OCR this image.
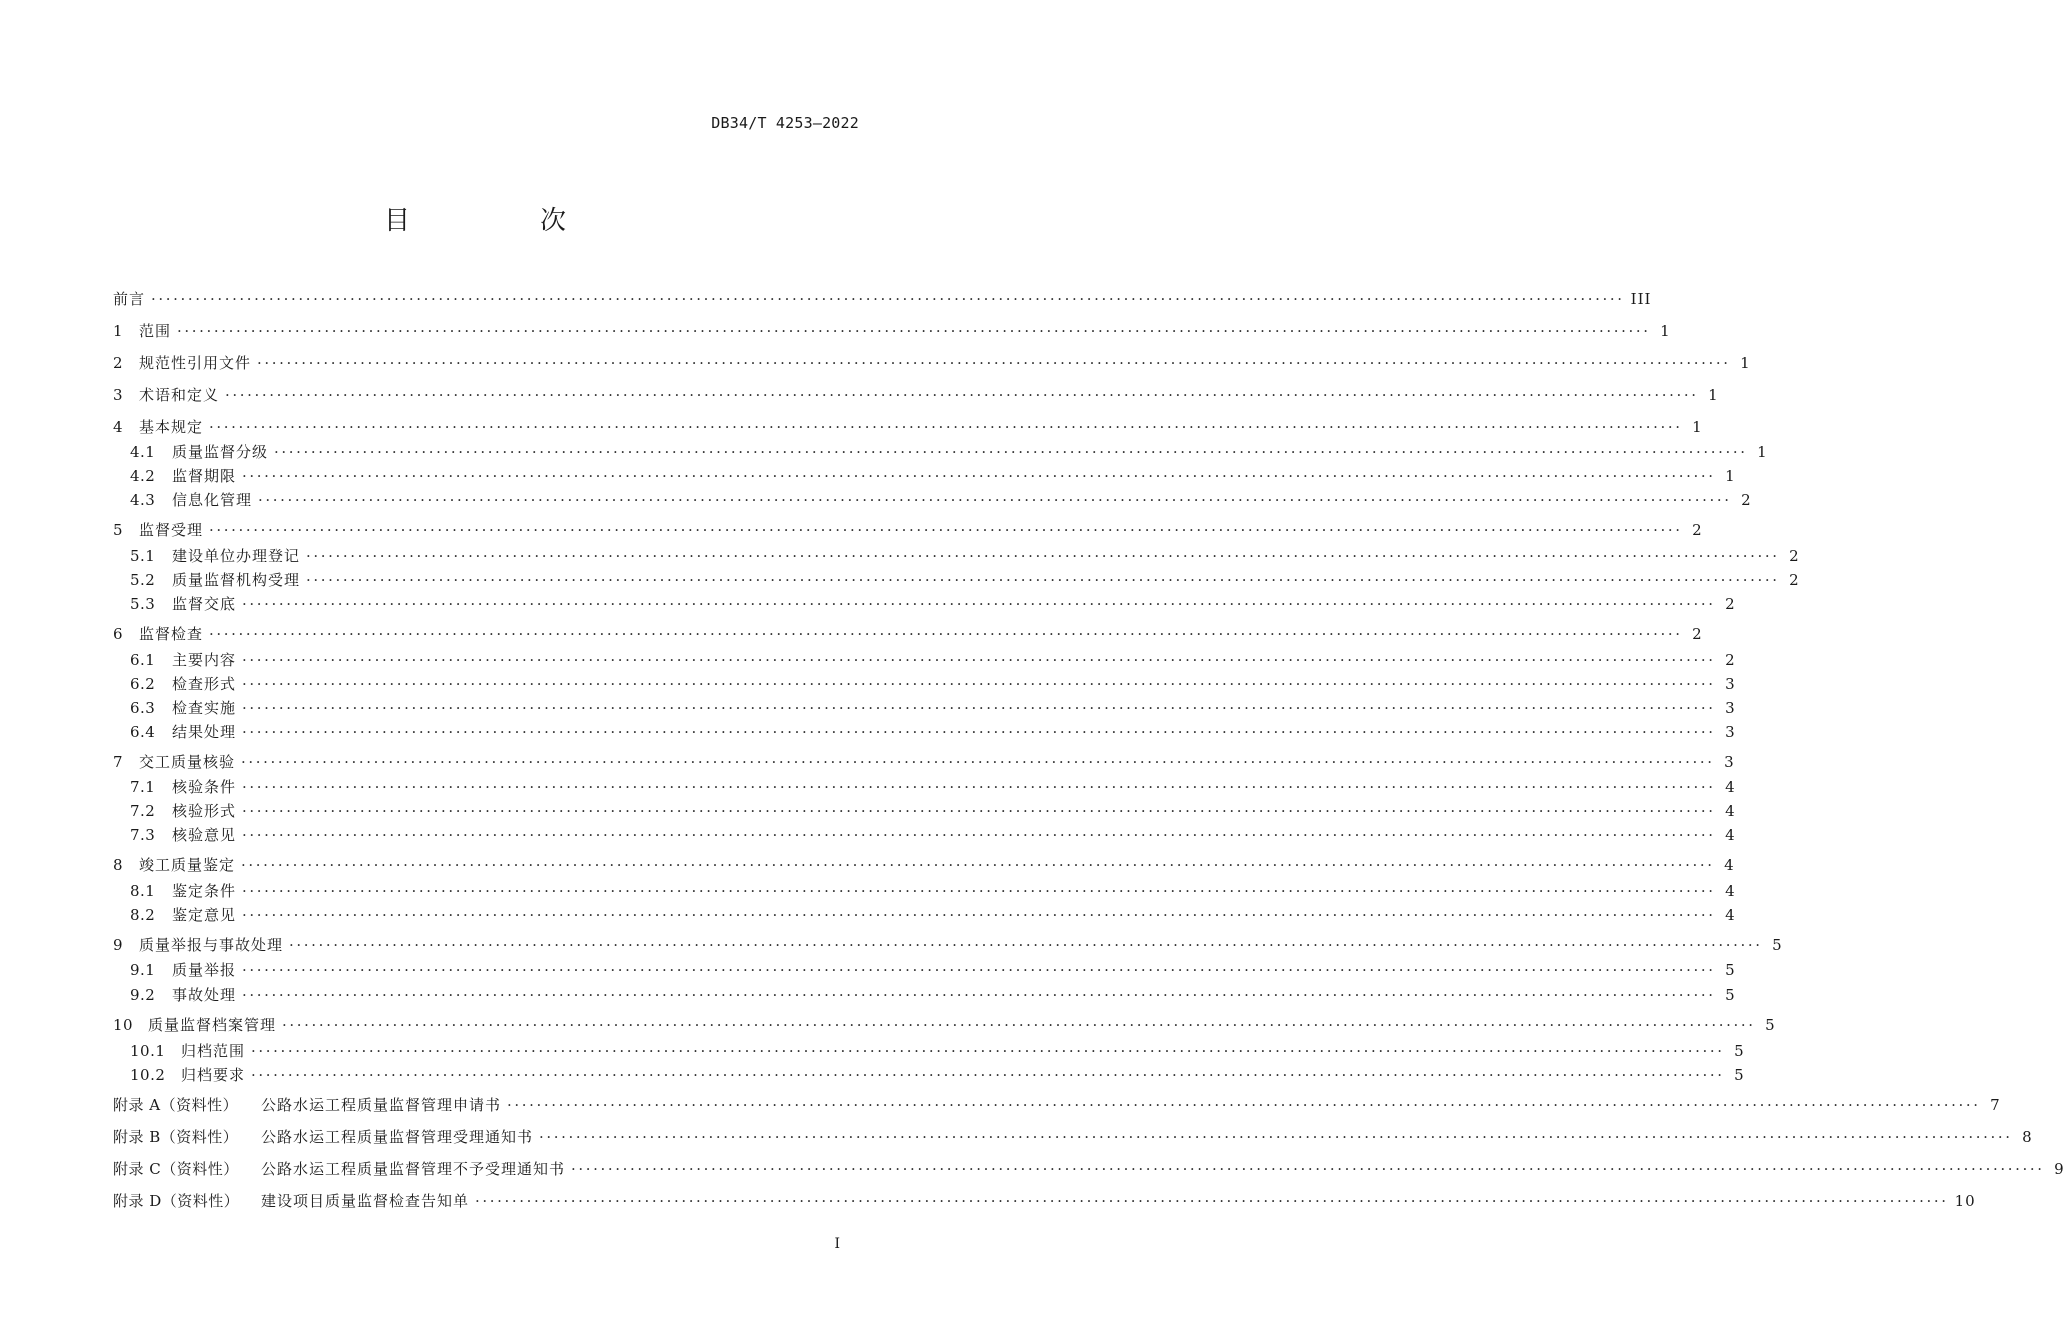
DB34/T 4253—2022
目　次
前言 ········································································································································································································ III
1	范围 ········································································································································································································ 1
2	规范性引用文件 ········································································································································································································ 1
3	术语和定义 ········································································································································································································ 1
4	基本规定 ········································································································································································································ 1
4.1	质量监督分级 ········································································································································································································ 1
4.2	监督期限 ········································································································································································································ 1
4.3	信息化管理 ········································································································································································································ 2
5	监督受理 ········································································································································································································ 2
5.1	建设单位办理登记 ········································································································································································································ 2
5.2	质量监督机构受理 ········································································································································································································ 2
5.3	监督交底 ········································································································································································································ 2
6	监督检查 ········································································································································································································ 2
6.1	主要内容 ········································································································································································································ 2
6.2	检查形式 ········································································································································································································ 3
6.3	检查实施 ········································································································································································································ 3
6.4	结果处理 ········································································································································································································ 3
7	交工质量核验 ········································································································································································································ 3
7.1	核验条件 ········································································································································································································ 4
7.2	核验形式 ········································································································································································································ 4
7.3	核验意见 ········································································································································································································ 4
8	竣工质量鉴定 ········································································································································································································ 4
8.1	鉴定条件 ········································································································································································································ 4
8.2	鉴定意见 ········································································································································································································ 4
9	质量举报与事故处理 ········································································································································································································ 5
9.1	质量举报 ········································································································································································································ 5
9.2	事故处理 ········································································································································································································ 5
10 质量监督档案管理 ········································································································································································································ 5
10.1	归档范围 ········································································································································································································ 5
10.2	归档要求 ········································································································································································································ 5
附录 A（资料性）	公路水运工程质量监督管理申请书 ········································································································································································································ 7
附录 B（资料性）	公路水运工程质量监督管理受理通知书 ········································································································································································································ 8
附录 C（资料性）	公路水运工程质量监督管理不予受理通知书 ········································································································································································································ 9
附录 D（资料性）	建设项目质量监督检查告知单 ········································································································································································································ 10
I
